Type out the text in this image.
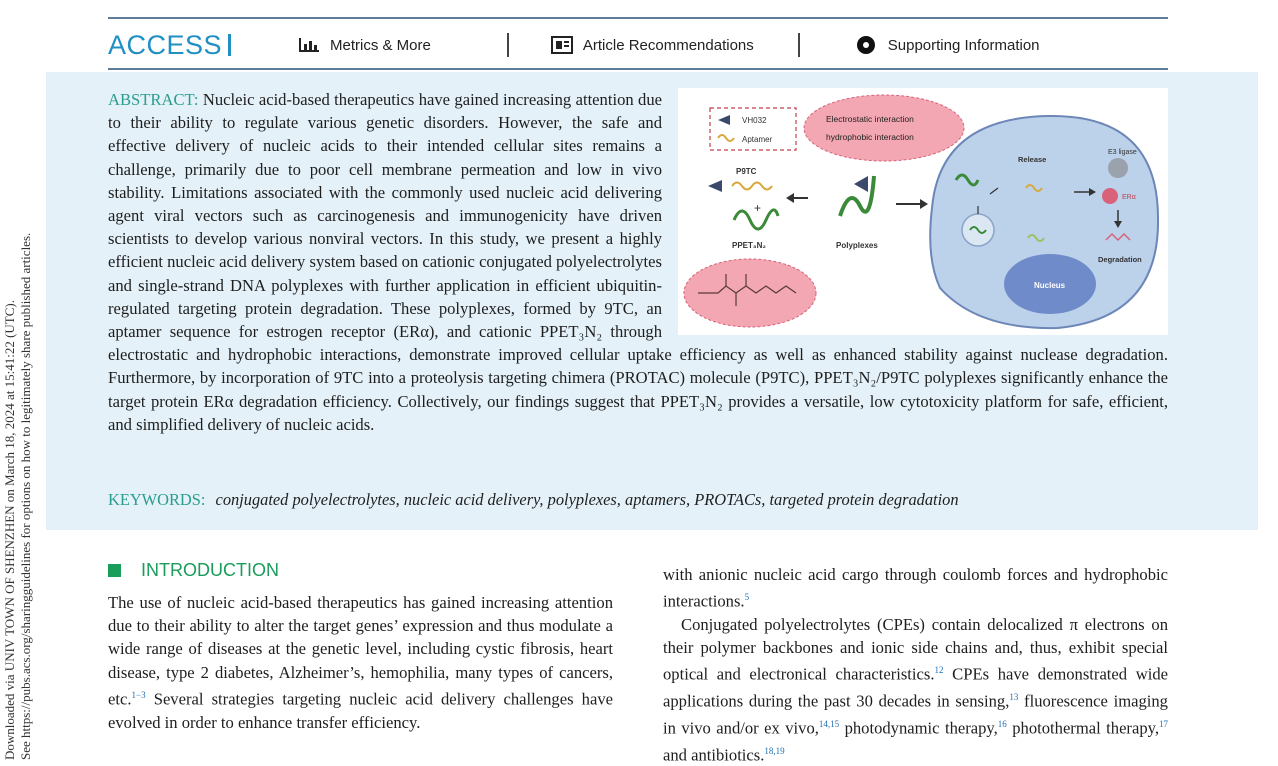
Downloaded via UNIV TOWN OF SHENZHEN on March 18, 2024 at 15:41:22 (UTC). See https://pubs.acs.org/sharingguidelines for options on how to legitimately share published articles.
ACCESS	Metrics & More	Article Recommendations	Supporting Information
VH032
Aptamer
Electrostatic interaction
hydrophobic interaction
P9TC
+
PPET₃N₂	Polyplexes
Nucleus
Release
E3 ligase
ERα
Degradation
ABSTRACT: Nucleic acid-based therapeutics have gained increasing attention due to their ability to regulate various genetic disorders. However, the safe and effective delivery of nucleic acids to their intended cellular sites remains a challenge, primarily due to poor cell membrane permeation and low in vivo stability. Limitations associated with the commonly used nucleic acid delivering agent viral vectors such as carcinogenesis and immunogenicity have driven scientists to develop various nonviral vectors. In this study, we present a highly efficient nucleic acid delivery system based on cationic conjugated polyelectrolytes and single-strand DNA polyplexes with further application in efficient ubiquitin-regulated targeting protein degradation. These polyplexes, formed by 9TC, an aptamer sequence for estrogen receptor (ERα), and cationic PPET₃N₂ through electrostatic and hydrophobic interactions, demonstrate improved cellular uptake efficiency as well as enhanced stability against nuclease degradation. Furthermore, by incorporation of 9TC into a proteolysis targeting chimera (PROTAC) molecule (P9TC), PPET₃N₂/P9TC polyplexes significantly enhance the target protein ERα degradation efficiency. Collectively, our findings suggest that PPET₃N₂ provides a versatile, low cytotoxicity platform for safe, efficient, and simplified delivery of nucleic acids.
KEYWORDS: conjugated polyelectrolytes, nucleic acid delivery, polyplexes, aptamers, PROTACs, targeted protein degradation
INTRODUCTION
The use of nucleic acid-based therapeutics has gained increasing attention due to their ability to alter the target genes’ expression and thus modulate a wide range of diseases at the genetic level, including cystic fibrosis, heart disease, type 2 diabetes, Alzheimer’s, hemophilia, many types of cancers, etc.$^{1-3}$ Several strategies targeting nucleic acid delivery challenges have evolved in order to enhance transfer efficiency.
with anionic nucleic acid cargo through coulomb forces and hydrophobic interactions.$^5$
Conjugated polyelectrolytes (CPEs) contain delocalized π electrons on their polymer backbones and ionic side chains and, thus, exhibit special optical and electronical characteristics.$^{12}$ CPEs have demonstrated wide applications during the past 30 decades in sensing,$^{13}$ fluorescence imaging in vivo and/or ex vivo,$^{14,15}$ photodynamic therapy,$^{16}$ photothermal therapy,$^{17}$ and antibiotics.$^{18,19}$
